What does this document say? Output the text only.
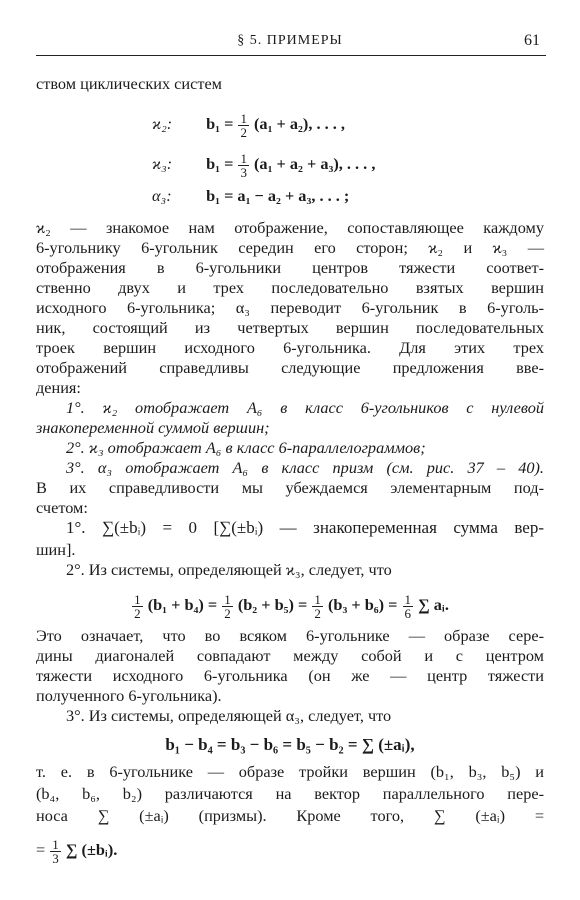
§ 5. ПРИМЕРЫ	61
ством циклических систем
ϰ₂: $b_1 = \frac{1}{2} (a_1 + a_2)$, . . . ,
ϰ₃: $b_1 = \frac{1}{3} (a_1 + a_2 + a_3)$, . . . ,
α₃: b₁ = a₁ − a₂ + a₃, . . . ;
ϰ₂ — знакомое нам отображение, сопоставляющее каждому
6-угольнику 6-угольник середин его сторон; ϰ₂ и ϰ₃ —
отображения в 6-угольники центров тяжести соответ-
ственно двух и трех последовательно взятых вершин
исходного 6-угольника; α₃ переводит 6-угольник в 6-уголь-
ник, состоящий из четвертых вершин последовательных
троек вершин исходного 6-угольника. Для этих трех
отображений справедливы следующие предложения вве-
дения:
1°. ϰ₂ отображает A₆ в класс 6-угольников с нулевой
знакопеременной суммой вершин;
2°. ϰ₃ отображает A₆ в класс 6-параллелограммов;
3°. α₃ отображает A₆ в класс призм (см. рис. 37 – 40).
В их справедливости мы убеждаемся элементарным под-
счетом:
1°. ∑(±bᵢ) = 0 [∑(±bᵢ) — знакопеременная сумма вер-
шин].
2°. Из системы, определяющей ϰ₃, следует, что
$\frac{1}{2} (b_1 + b_4) = \frac{1}{2} (b_2 + b_5) = \frac{1}{2} (b_3 + b_6) = \frac{1}{6}$ ∑ aᵢ.
Это означает, что во всяком 6-угольнике — образе сере-
дины диагоналей совпадают между собой и с центром
тяжести исходного 6-угольника (он же — центр тяжести
полученного 6-угольника).
3°. Из системы, определяющей α₃, следует, что
b₁ − b₄ = b₃ − b₆ = b₅ − b₂ = ∑ (±aᵢ),
т. е. в 6-угольнике — образе тройки вершин (b₁, b₃, b₅) и
(b₄, b₆, b₂) различаются на вектор параллельного пере-
носа ∑ (±aᵢ) (призмы). Кроме того, ∑ (±aᵢ) =
= $\frac{1}{3}$ ∑ (±bᵢ).
